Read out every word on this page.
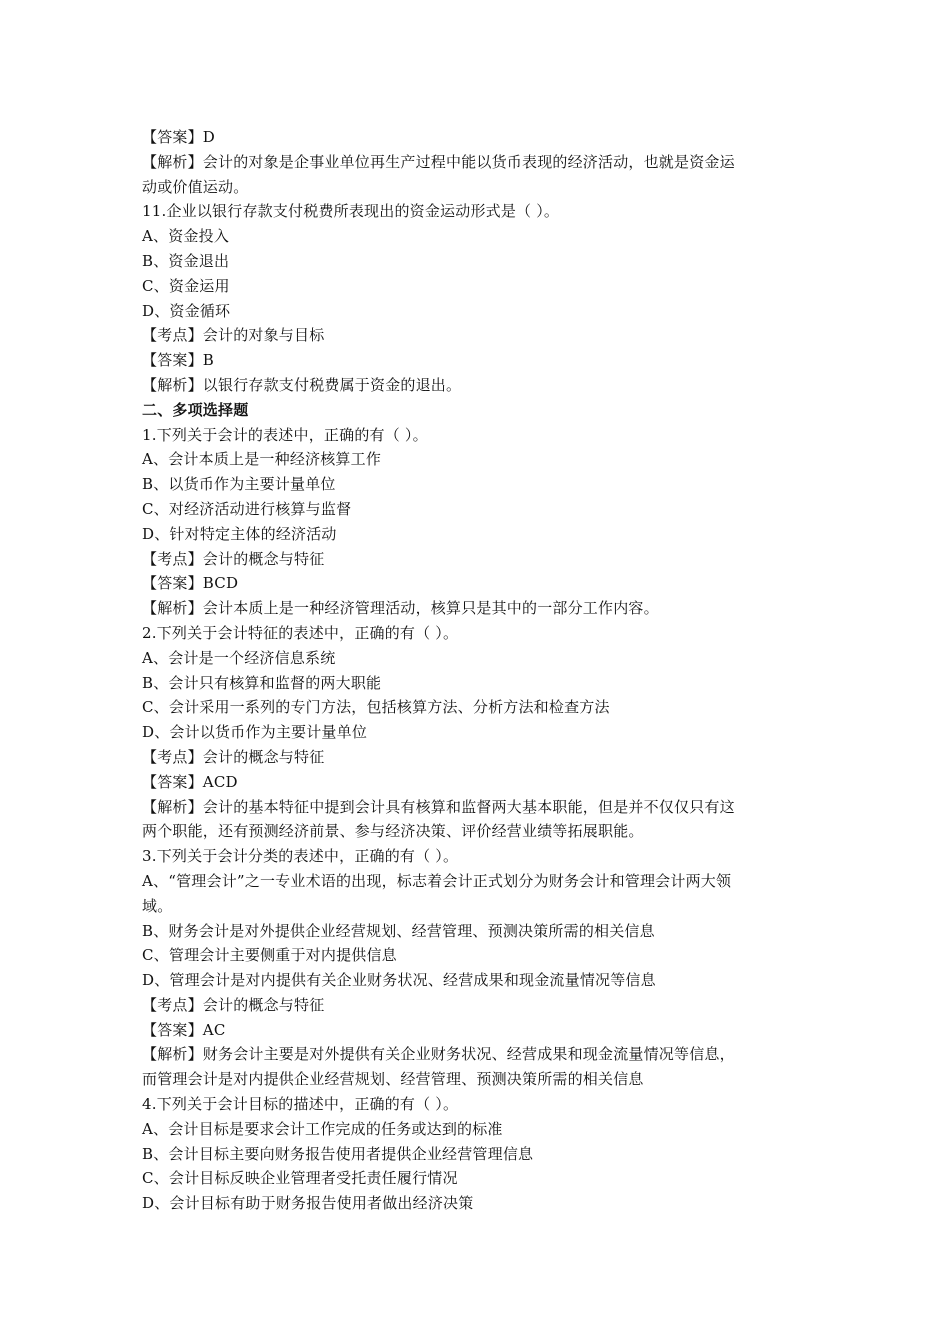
【答案】D
【解析】会计的对象是企事业单位再生产过程中能以货币表现的经济活动，也就是资金运
动或价值运动。
11.企业以银行存款支付税费所表现出的资金运动形式是（ ）。
A、资金投入
B、资金退出
C、资金运用
D、资金循环
【考点】会计的对象与目标
【答案】B
【解析】以银行存款支付税费属于资金的退出。
二、多项选择题
1.下列关于会计的表述中，正确的有（ ）。
A、会计本质上是一种经济核算工作
B、以货币作为主要计量单位
C、对经济活动进行核算与监督
D、针对特定主体的经济活动
【考点】会计的概念与特征
【答案】BCD
【解析】会计本质上是一种经济管理活动，核算只是其中的一部分工作内容。
2.下列关于会计特征的表述中，正确的有（ ）。
A、会计是一个经济信息系统
B、会计只有核算和监督的两大职能
C、会计采用一系列的专门方法，包括核算方法、分析方法和检查方法
D、会计以货币作为主要计量单位
【考点】会计的概念与特征
【答案】ACD
【解析】会计的基本特征中提到会计具有核算和监督两大基本职能，但是并不仅仅只有这
两个职能，还有预测经济前景、参与经济决策、评价经营业绩等拓展职能。
3.下列关于会计分类的表述中，正确的有（ ）。
A、“管理会计”之一专业术语的出现，标志着会计正式划分为财务会计和管理会计两大领
域。
B、财务会计是对外提供企业经营规划、经营管理、预测决策所需的相关信息
C、管理会计主要侧重于对内提供信息
D、管理会计是对内提供有关企业财务状况、经营成果和现金流量情况等信息
【考点】会计的概念与特征
【答案】AC
【解析】财务会计主要是对外提供有关企业财务状况、经营成果和现金流量情况等信息，
而管理会计是对内提供企业经营规划、经营管理、预测决策所需的相关信息
4.下列关于会计目标的描述中，正确的有（ ）。
A、会计目标是要求会计工作完成的任务或达到的标准
B、会计目标主要向财务报告使用者提供企业经营管理信息
C、会计目标反映企业管理者受托责任履行情况
D、会计目标有助于财务报告使用者做出经济决策
